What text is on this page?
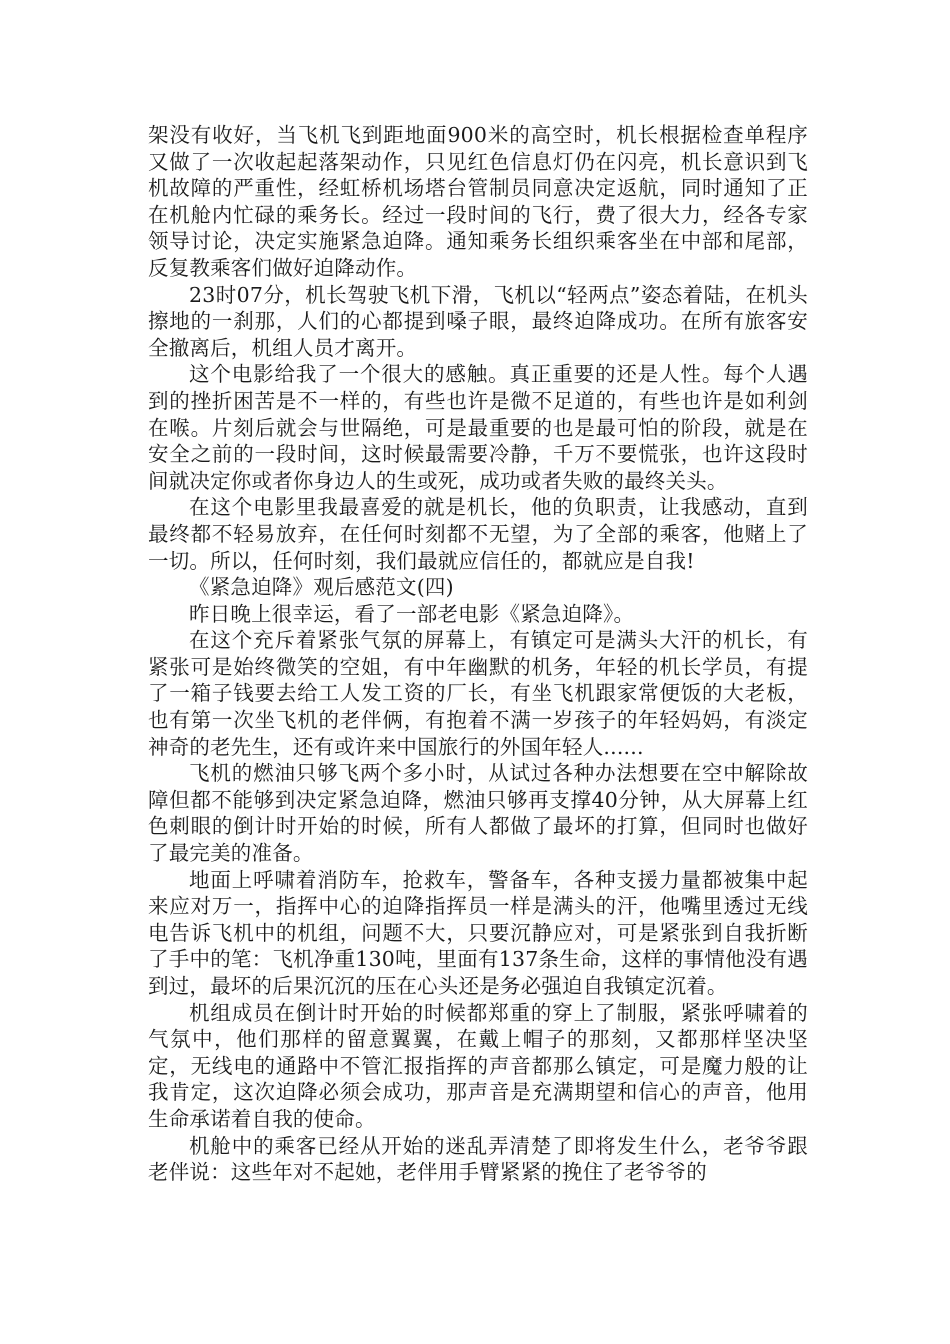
架没有收好，当飞机飞到距地面900米的高空时，机长根据检查单程序又做了一次收起起落架动作，只见红色信息灯仍在闪亮，机长意识到飞机故障的严重性，经虹桥机场塔台管制员同意决定返航，同时通知了正在机舱内忙碌的乘务长。经过一段时间的飞行，费了很大力，经各专家领导讨论，决定实施紧急迫降。通知乘务长组织乘客坐在中部和尾部，反复教乘客们做好迫降动作。

23时07分，机长驾驶飞机下滑，飞机以“轻两点”姿态着陆，在机头擦地的一刹那，人们的心都提到嗓子眼，最终迫降成功。在所有旅客安全撤离后，机组人员才离开。

这个电影给我了一个很大的感触。真正重要的还是人性。每个人遇到的挫折困苦是不一样的，有些也许是微不足道的，有些也许是如利剑在喉。片刻后就会与世隔绝，可是最重要的也是最可怕的阶段，就是在安全之前的一段时间，这时候最需要冷静，千万不要慌张，也许这段时间就决定你或者你身边人的生或死，成功或者失败的最终关头。

在这个电影里我最喜爱的就是机长，他的负职责，让我感动，直到最终都不轻易放弃，在任何时刻都不无望，为了全部的乘客，他赌上了一切。所以，任何时刻，我们最就应信任的，都就应是自我!

《紧急迫降》观后感范文(四)

昨日晚上很幸运，看了一部老电影《紧急迫降》。

在这个充斥着紧张气氛的屏幕上，有镇定可是满头大汗的机长，有紧张可是始终微笑的空姐，有中年幽默的机务，年轻的机长学员，有提了一箱子钱要去给工人发工资的厂长，有坐飞机跟家常便饭的大老板，也有第一次坐飞机的老伴俩，有抱着不满一岁孩子的年轻妈妈，有淡定神奇的老先生，还有或许来中国旅行的外国年轻人......

飞机的燃油只够飞两个多小时，从试过各种办法想要在空中解除故障但都不能够到决定紧急迫降，燃油只够再支撑40分钟，从大屏幕上红色刺眼的倒计时开始的时候，所有人都做了最坏的打算，但同时也做好了最完美的准备。

地面上呼啸着消防车，抢救车，警备车，各种支援力量都被集中起来应对万一，指挥中心的迫降指挥员一样是满头的汗，他嘴里透过无线电告诉飞机中的机组，问题不大，只要沉静应对，可是紧张到自我折断了手中的笔：飞机净重130吨，里面有137条生命，这样的事情他没有遇到过，最坏的后果沉沉的压在心头还是务必强迫自我镇定沉着。

机组成员在倒计时开始的时候都郑重的穿上了制服，紧张呼啸着的气氛中，他们那样的留意翼翼，在戴上帽子的那刻，又都那样坚决坚定，无线电的通路中不管汇报指挥的声音都那么镇定，可是魔力般的让我肯定，这次迫降必须会成功，那声音是充满期望和信心的声音，他用生命承诺着自我的使命。

机舱中的乘客已经从开始的迷乱弄清楚了即将发生什么，老爷爷跟老伴说：这些年对不起她，老伴用手臂紧紧的挽住了老爷爷的
